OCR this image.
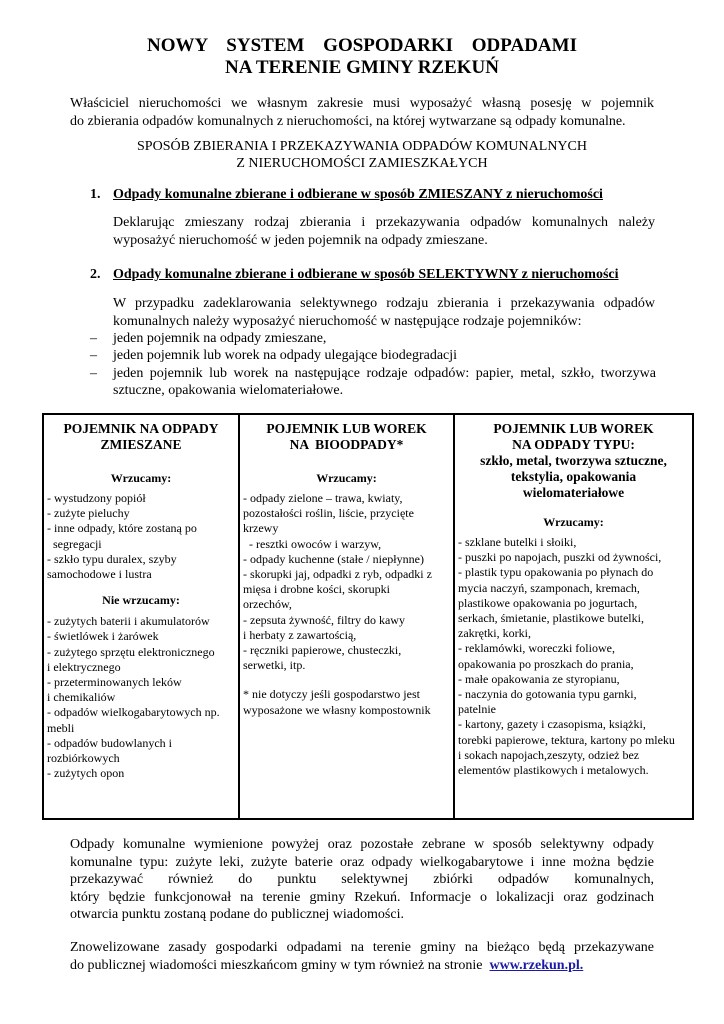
NOWY SYSTEM GOSPODARKI ODPADAMI
NA TERENIE GMINY RZEKUŃ
Właściciel nieruchomości we własnym zakresie musi wyposażyć własną posesję w pojemnik
do zbierania odpadów komunalnych z nieruchomości, na której wytwarzane są odpady komunalne.
SPOSÓB ZBIERANIA I PRZEKAZYWANIA ODPADÓW KOMUNALNYCH
Z NIERUCHOMOŚCI ZAMIESZKAŁYCH
1. Odpady komunalne zbierane i odbierane w sposób ZMIESZANY z nieruchomości
Deklarując zmieszany rodzaj zbierania i przekazywania odpadów komunalnych należy
wyposażyć nieruchomość w jeden pojemnik na odpady zmieszane.
2. Odpady komunalne zbierane i odbierane w sposób SELEKTYWNY z nieruchomości
W przypadku zadeklarowania selektywnego rodzaju zbierania i przekazywania odpadów
komunalnych należy wyposażyć nieruchomość w następujące rodzaje pojemników:
– jeden pojemnik na odpady zmieszane,
– jeden pojemnik lub worek na odpady ulegające biodegradacji
– jeden pojemnik lub worek na następujące rodzaje odpadów: papier, metal, szkło, tworzywa
sztuczne, opakowania wielomateriałowe.
POJEMNIK NA ODPADY
ZMIESZANE
Wrzucamy:
- wystudzony popiół
- zużyte pieluchy
- inne odpady, które zostaną po
segregacji
- szkło typu duralex, szyby
samochodowe i lustra
Nie wrzucamy:
- zużytych baterii i akumulatorów
- świetlówek i żarówek
- zużytego sprzętu elektronicznego
i elektrycznego
- przeterminowanych leków
i chemikaliów
- odpadów wielkogabarytowych np.
mebli
- odpadów budowlanych i
rozbiórkowych
- zużytych opon

POJEMNIK LUB WOREK
NA  BIOODPADY*
Wrzucamy:
- odpady zielone – trawa, kwiaty,
pozostałości roślin, liście, przycięte
krzewy
- resztki owoców i warzyw,
- odpady kuchenne (stałe / niepłynne)
- skorupki jaj, odpadki z ryb, odpadki z
mięsa i drobne kości, skorupki
orzechów,
- zepsuta żywność, filtry do kawy
i herbaty z zawartością,
- ręczniki papierowe, chusteczki,
serwetki, itp.
* nie dotyczy jeśli gospodarstwo jest
wyposażone we własny kompostownik

POJEMNIK LUB WOREK
NA ODPADY TYPU:
szkło, metal, tworzywa sztuczne,
tekstylia, opakowania
wielomateriałowe
Wrzucamy:
- szklane butelki i słoiki,
- puszki po napojach, puszki od żywności,
- plastik typu opakowania po płynach do
mycia naczyń, szamponach, kremach,
plastikowe opakowania po jogurtach,
serkach, śmietanie, plastikowe butelki,
zakrętki, korki,
- reklamówki, woreczki foliowe,
opakowania po proszkach do prania,
- małe opakowania ze styropianu,
- naczynia do gotowania typu garnki,
patelnie
- kartony, gazety i czasopisma, książki,
torebki papierowe, tektura, kartony po mleku
i sokach napojach,zeszyty, odzież bez
elementów plastikowych i metalowych.
Odpady komunalne wymienione powyżej oraz pozostałe zebrane w sposób selektywny odpady
komunalne typu: zużyte leki, zużyte baterie oraz odpady wielkogabarytowe i inne można będzie
przekazywać również do punktu selektywnej zbiórki odpadów komunalnych,
który będzie funkcjonował na terenie gminy Rzekuń. Informacje o lokalizacji oraz godzinach
otwarcia punktu zostaną podane do publicznej wiadomości.
Znowelizowane zasady gospodarki odpadami na terenie gminy na bieżąco będą przekazywane
do publicznej wiadomości mieszkańcom gminy w tym również na stronie www.rzekun.pl.
